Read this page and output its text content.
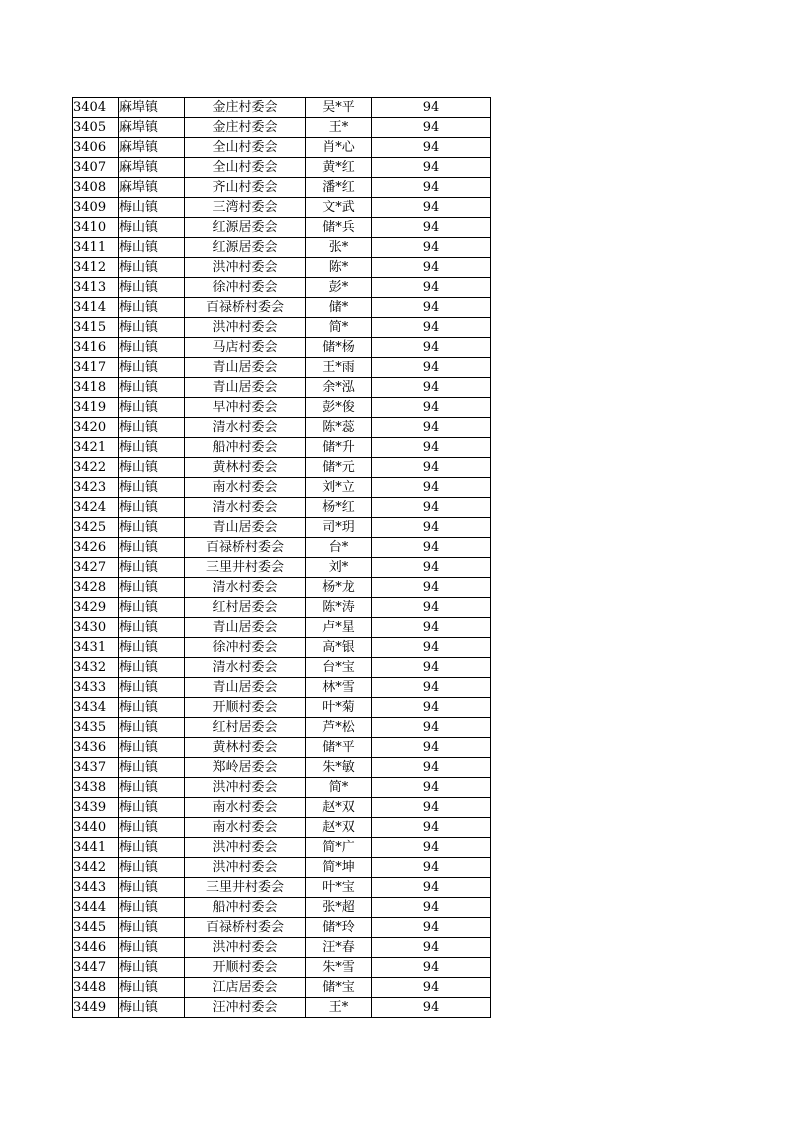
3404	麻埠镇	金庄村委会	吴*平	94
3405	麻埠镇	金庄村委会	王*	94
3406	麻埠镇	全山村委会	肖*心	94
3407	麻埠镇	全山村委会	黄*红	94
3408	麻埠镇	齐山村委会	潘*红	94
3409	梅山镇	三湾村委会	文*武	94
3410	梅山镇	红源居委会	储*兵	94
3411	梅山镇	红源居委会	张*	94
3412	梅山镇	洪冲村委会	陈*	94
3413	梅山镇	徐冲村委会	彭*	94
3414	梅山镇	百禄桥村委会	储*	94
3415	梅山镇	洪冲村委会	简*	94
3416	梅山镇	马店村委会	储*杨	94
3417	梅山镇	青山居委会	王*雨	94
3418	梅山镇	青山居委会	余*泓	94
3419	梅山镇	早冲村委会	彭*俊	94
3420	梅山镇	清水村委会	陈*蕊	94
3421	梅山镇	船冲村委会	储*升	94
3422	梅山镇	黄林村委会	储*元	94
3423	梅山镇	南水村委会	刘*立	94
3424	梅山镇	清水村委会	杨*红	94
3425	梅山镇	青山居委会	司*玥	94
3426	梅山镇	百禄桥村委会	台*	94
3427	梅山镇	三里井村委会	刘*	94
3428	梅山镇	清水村委会	杨*龙	94
3429	梅山镇	红村居委会	陈*涛	94
3430	梅山镇	青山居委会	卢*星	94
3431	梅山镇	徐冲村委会	高*银	94
3432	梅山镇	清水村委会	台*宝	94
3433	梅山镇	青山居委会	林*雪	94
3434	梅山镇	开顺村委会	叶*菊	94
3435	梅山镇	红村居委会	芦*松	94
3436	梅山镇	黄林村委会	储*平	94
3437	梅山镇	郑岭居委会	朱*敏	94
3438	梅山镇	洪冲村委会	简*	94
3439	梅山镇	南水村委会	赵*双	94
3440	梅山镇	南水村委会	赵*双	94
3441	梅山镇	洪冲村委会	简*广	94
3442	梅山镇	洪冲村委会	简*坤	94
3443	梅山镇	三里井村委会	叶*宝	94
3444	梅山镇	船冲村委会	张*超	94
3445	梅山镇	百禄桥村委会	储*玲	94
3446	梅山镇	洪冲村委会	汪*春	94
3447	梅山镇	开顺村委会	朱*雪	94
3448	梅山镇	江店居委会	储*宝	94
3449	梅山镇	汪冲村委会	王*	94
